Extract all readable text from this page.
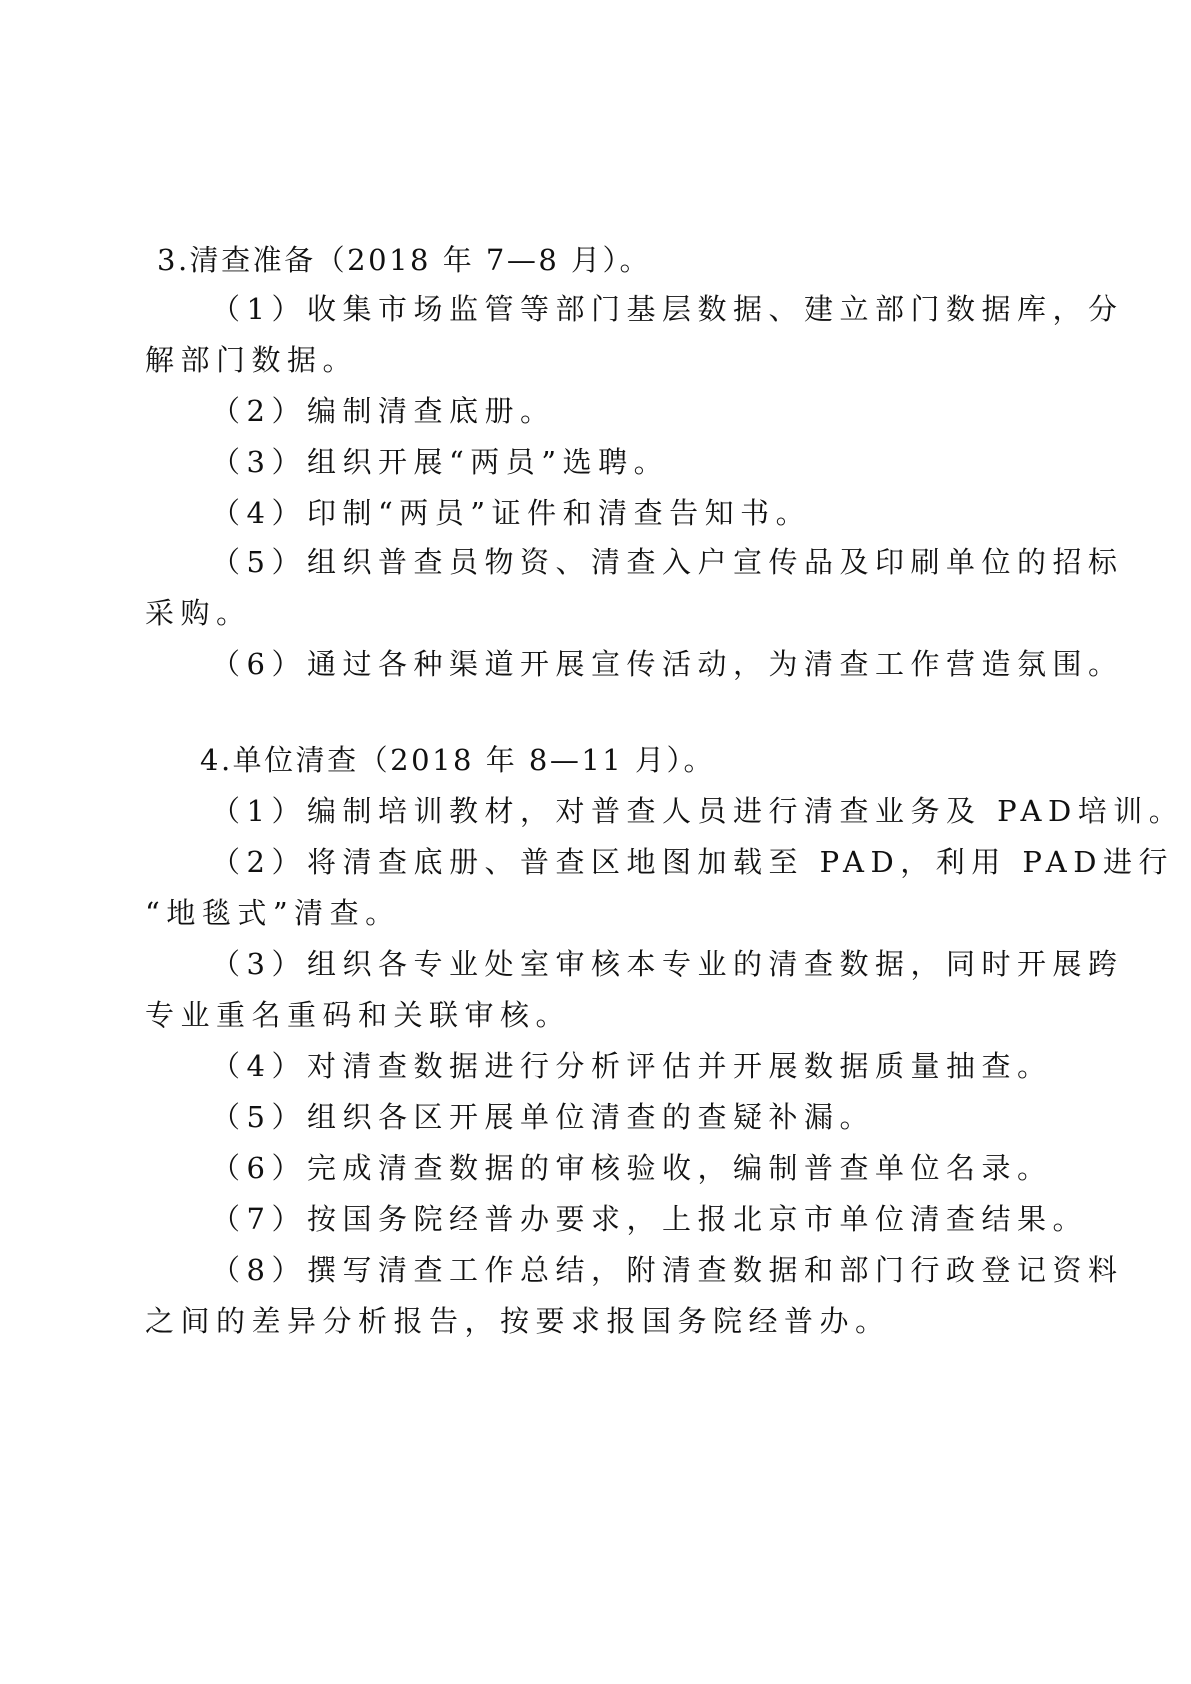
3.清查准备（2018 年 7—8 月）。

（1）收集市场监管等部门基层数据、建立部门数据库，分

解部门数据。

（2）编制清查底册。

（3）组织开展“两员”选聘。

（4）印制“两员”证件和清查告知书。

（5）组织普查员物资、清查入户宣传品及印刷单位的招标

采购。

（6）通过各种渠道开展宣传活动，为清查工作营造氛围。

4.单位清查（2018 年 8—11 月）。

（1）编制培训教材，对普查人员进行清查业务及 PAD培训。

（2）将清查底册、普查区地图加载至 PAD，利用 PAD进行

“地毯式”清查。

（3）组织各专业处室审核本专业的清查数据，同时开展跨

专业重名重码和关联审核。

（4）对清查数据进行分析评估并开展数据质量抽查。

（5）组织各区开展单位清查的查疑补漏。

（6）完成清查数据的审核验收，编制普查单位名录。

（7）按国务院经普办要求，上报北京市单位清查结果。

（8）撰写清查工作总结，附清查数据和部门行政登记资料

之间的差异分析报告，按要求报国务院经普办。
